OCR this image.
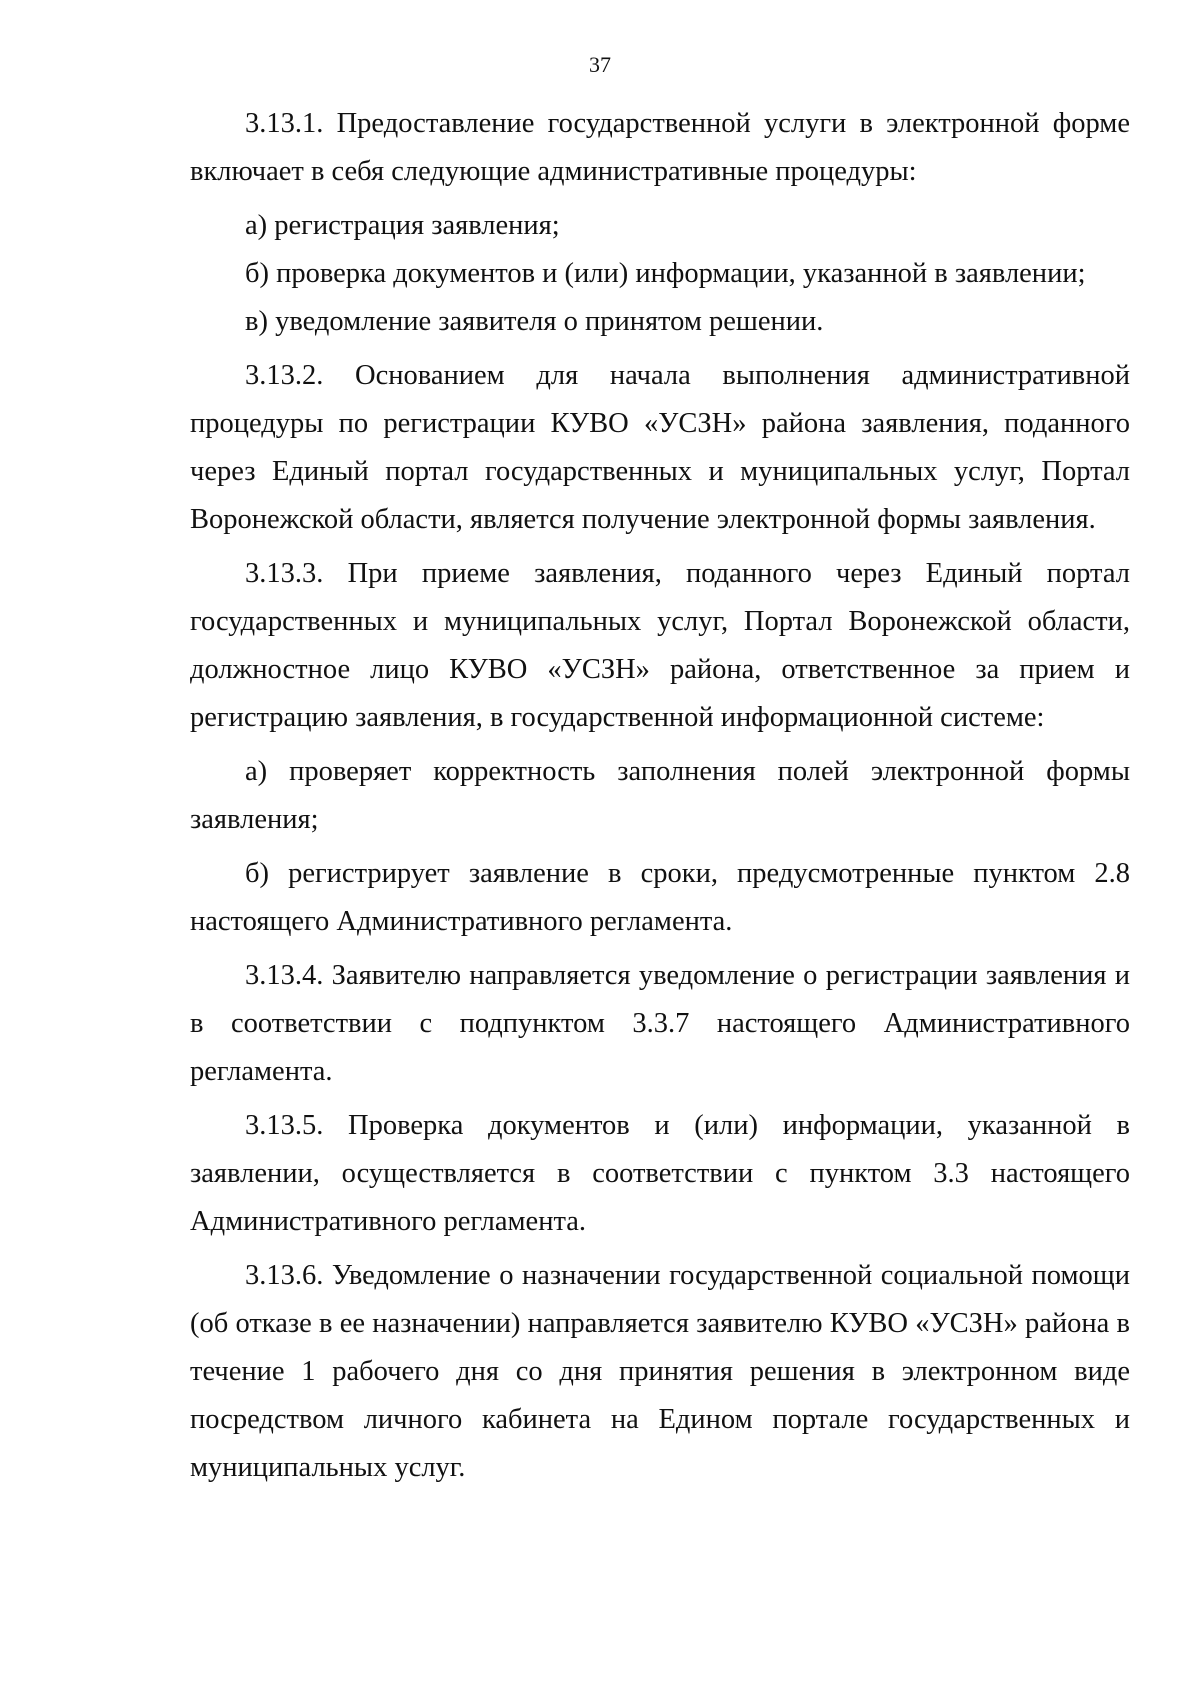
37

3.13.1. Предоставление государственной услуги в электронной форме включает в себя следующие административные процедуры:

а) регистрация заявления;

б) проверка документов и (или) информации, указанной в заявлении;

в) уведомление заявителя о принятом решении.

3.13.2. Основанием для начала выполнения административной процедуры по регистрации КУВО «УСЗН» района заявления, поданного через Единый портал государственных и муниципальных услуг, Портал Воронежской области, является получение электронной формы заявления.

3.13.3. При приеме заявления, поданного через Единый портал государственных и муниципальных услуг, Портал Воронежской области, должностное лицо КУВО «УСЗН» района, ответственное за прием и регистрацию заявления, в государственной информационной системе:

а) проверяет корректность заполнения полей электронной формы заявления;

б) регистрирует заявление в сроки, предусмотренные пунктом 2.8 настоящего Административного регламента.

3.13.4. Заявителю направляется уведомление о регистрации заявления и в соответствии с подпунктом 3.3.7 настоящего Административного регламента.

3.13.5. Проверка документов и (или) информации, указанной в заявлении, осуществляется в соответствии с пунктом 3.3 настоящего Административного регламента.

3.13.6. Уведомление о назначении государственной социальной помощи (об отказе в ее назначении) направляется заявителю КУВО «УСЗН» района в течение 1 рабочего дня со дня принятия решения в электронном виде посредством личного кабинета на Едином портале государственных и муниципальных услуг.
